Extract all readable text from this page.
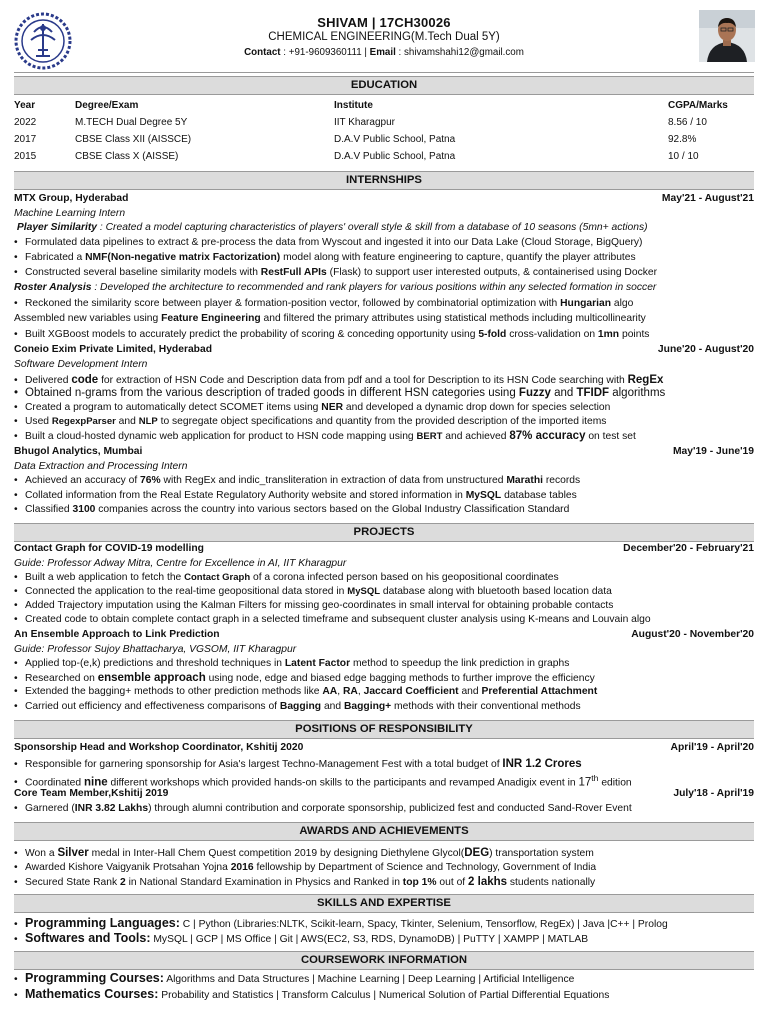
SHIVAM | 17CH30026
CHEMICAL ENGINEERING(M.Tech Dual 5Y)
Contact : +91-9609360111 | Email : shivamshahi12@gmail.com
EDUCATION
Year	Degree/Exam	Institute	CGPA/Marks
2022	M.TECH Dual Degree 5Y	IIT Kharagpur	8.56 / 10
2017	CBSE Class XII (AISSCE)	D.A.V Public School, Patna	92.8%
2015	CBSE Class X (AISSE)	D.A.V Public School, Patna	10 / 10
INTERNSHIPS
MTX Group, Hyderabad	May'21 - August'21
Machine Learning Intern
Player Similarity : Created a model capturing characteristics of players' overall style & skill from a database of 10 seasons (5mn+ actions)
• Formulated data pipelines to extract & pre-process the data from Wyscout and ingested it into our Data Lake (Cloud Storage, BigQuery)
• Fabricated a NMF(Non-negative matrix Factorization) model along with feature engineering to capture, quantify the player attributes
• Constructed several baseline similarity models with RestFull APIs (Flask) to support user interested outputs, & containerised using Docker
Roster Analysis : Developed the architecture to recommended and rank players for various positions within any selected formation in soccer
• Reckoned the similarity score between player & formation-position vector, followed by combinatorial optimization with Hungarian algo
Assembled new variables using Feature Engineering and filtered the primary attributes using statistical methods including multicollinearity
• Built XGBoost models to accurately predict the probability of scoring & conceding opportunity using 5-fold cross-validation on 1mn points
Coneio Exim Private Limited, Hyderabad	June'20 - August'20
Software Development Intern
• Delivered code for extraction of HSN Code and Description data from pdf and a tool for Description to its HSN Code searching with RegEx
• Obtained n-grams from the various description of traded goods in different HSN categories using Fuzzy and TFIDF algorithms
• Created a program to automatically detect SCOMET items using NER and developed a dynamic drop down for species selection
• Used RegexpParser and NLP to segregate object specifications and quantity from the provided description of the imported items
• Built a cloud-hosted dynamic web application for product to HSN code mapping using BERT and achieved 87% accuracy on test set
Bhugol Analytics, Mumbai	May'19 - June'19
Data Extraction and Processing Intern
• Achieved an accuracy of 76% with RegEx and indic_transliteration in extraction of data from unstructured Marathi records
• Collated information from the Real Estate Regulatory Authority website and stored information in MySQL database tables
• Classified 3100 companies across the country into various sectors based on the Global Industry Classification Standard
PROJECTS
Contact Graph for COVID-19 modelling	December'20 - February'21
Guide: Professor Adway Mitra, Centre for Excellence in AI, IIT Kharagpur
• Built a web application to fetch the Contact Graph of a corona infected person based on his geopositional coordinates
• Connected the application to the real-time geopositional data stored in MySQL database along with bluetooth based location data
• Added Trajectory imputation using the Kalman Filters for missing geo-coordinates in small interval for obtaining probable contacts
• Created code to obtain complete contact graph in a selected timeframe and subsequent cluster analysis using K-means and Louvain algo
An Ensemble Approach to Link Prediction	August'20 - November'20
Guide: Professor Sujoy Bhattacharya, VGSOM, IIT Kharagpur
• Applied top-(e,k) predictions and threshold techniques in Latent Factor method to speedup the link prediction in graphs
• Researched on ensemble approach using node, edge and biased edge bagging methods to further improve the efficiency
• Extended the bagging+ methods to other prediction methods like AA, RA, Jaccard Coefficient and Preferential Attachment
• Carried out efficiency and effectiveness comparisons of Bagging and Bagging+ methods with their conventional methods
POSITIONS OF RESPONSIBILITY
Sponsorship Head and Workshop Coordinator, Kshitij 2020	April'19 - April'20
• Responsible for garnering sponsorship for Asia's largest Techno-Management Fest with a total budget of INR 1.2 Crores
• Coordinated nine different workshops which provided hands-on skills to the participants and revamped Anadigix event in 17th edition
Core Team Member,Kshitij 2019	July'18 - April'19
• Garnered (INR 3.82 Lakhs) through alumni contribution and corporate sponsorship, publicized fest and conducted Sand-Rover Event
AWARDS AND ACHIEVEMENTS
• Won a Silver medal in Inter-Hall Chem Quest competition 2019 by designing Diethylene Glycol(DEG) transportation system
• Awarded Kishore Vaigyanik Protsahan Yojna 2016 fellowship by Department of Science and Technology, Government of India
• Secured State Rank 2 in National Standard Examination in Physics and Ranked in top 1% out of 2 lakhs students nationally
SKILLS AND EXPERTISE
• Programming Languages: C | Python (Libraries:NLTK, Scikit-learn, Spacy, Tkinter, Selenium, Tensorflow, RegEx) | Java |C++ | Prolog
• Softwares and Tools: MySQL | GCP | MS Office | Git | AWS(EC2, S3, RDS, DynamoDB) | PuTTY | XAMPP | MATLAB
COURSEWORK INFORMATION
• Programming Courses: Algorithms and Data Structures | Machine Learning | Deep Learning | Artificial Intelligence
• Mathematics Courses: Probability and Statistics | Transform Calculus | Numerical Solution of Partial Differential Equations
